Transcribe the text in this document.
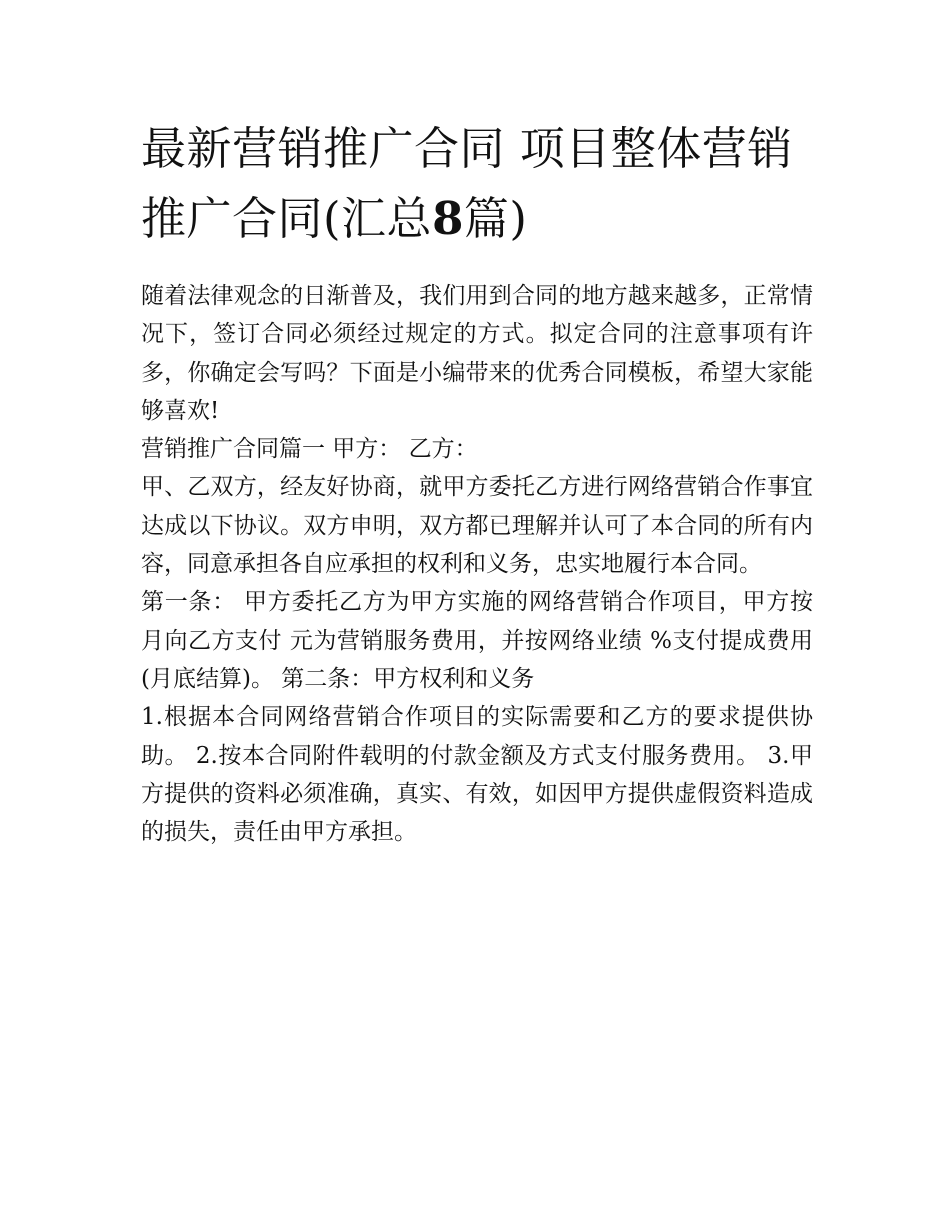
最新营销推广合同 项目整体营销推广合同(汇总8篇)

随着法律观念的日渐普及，我们用到合同的地方越来越多，正常情况下，签订合同必须经过规定的方式。拟定合同的注意事项有许多，你确定会写吗？下面是小编带来的优秀合同模板，希望大家能够喜欢!

营销推广合同篇一 甲方： 乙方：

甲、乙双方，经友好协商，就甲方委托乙方进行网络营销合作事宜达成以下协议。双方申明，双方都已理解并认可了本合同的所有内容，同意承担各自应承担的权利和义务，忠实地履行本合同。

第一条： 甲方委托乙方为甲方实施的网络营销合作项目，甲方按月向乙方支付 元为营销服务费用，并按网络业绩 %支付提成费用(月底结算)。 第二条：甲方权利和义务

1.根据本合同网络营销合作项目的实际需要和乙方的要求提供协助。 2.按本合同附件载明的付款金额及方式支付服务费用。 3.甲方提供的资料必须准确，真实、有效，如因甲方提供虚假资料造成的损失，责任由甲方承担。
